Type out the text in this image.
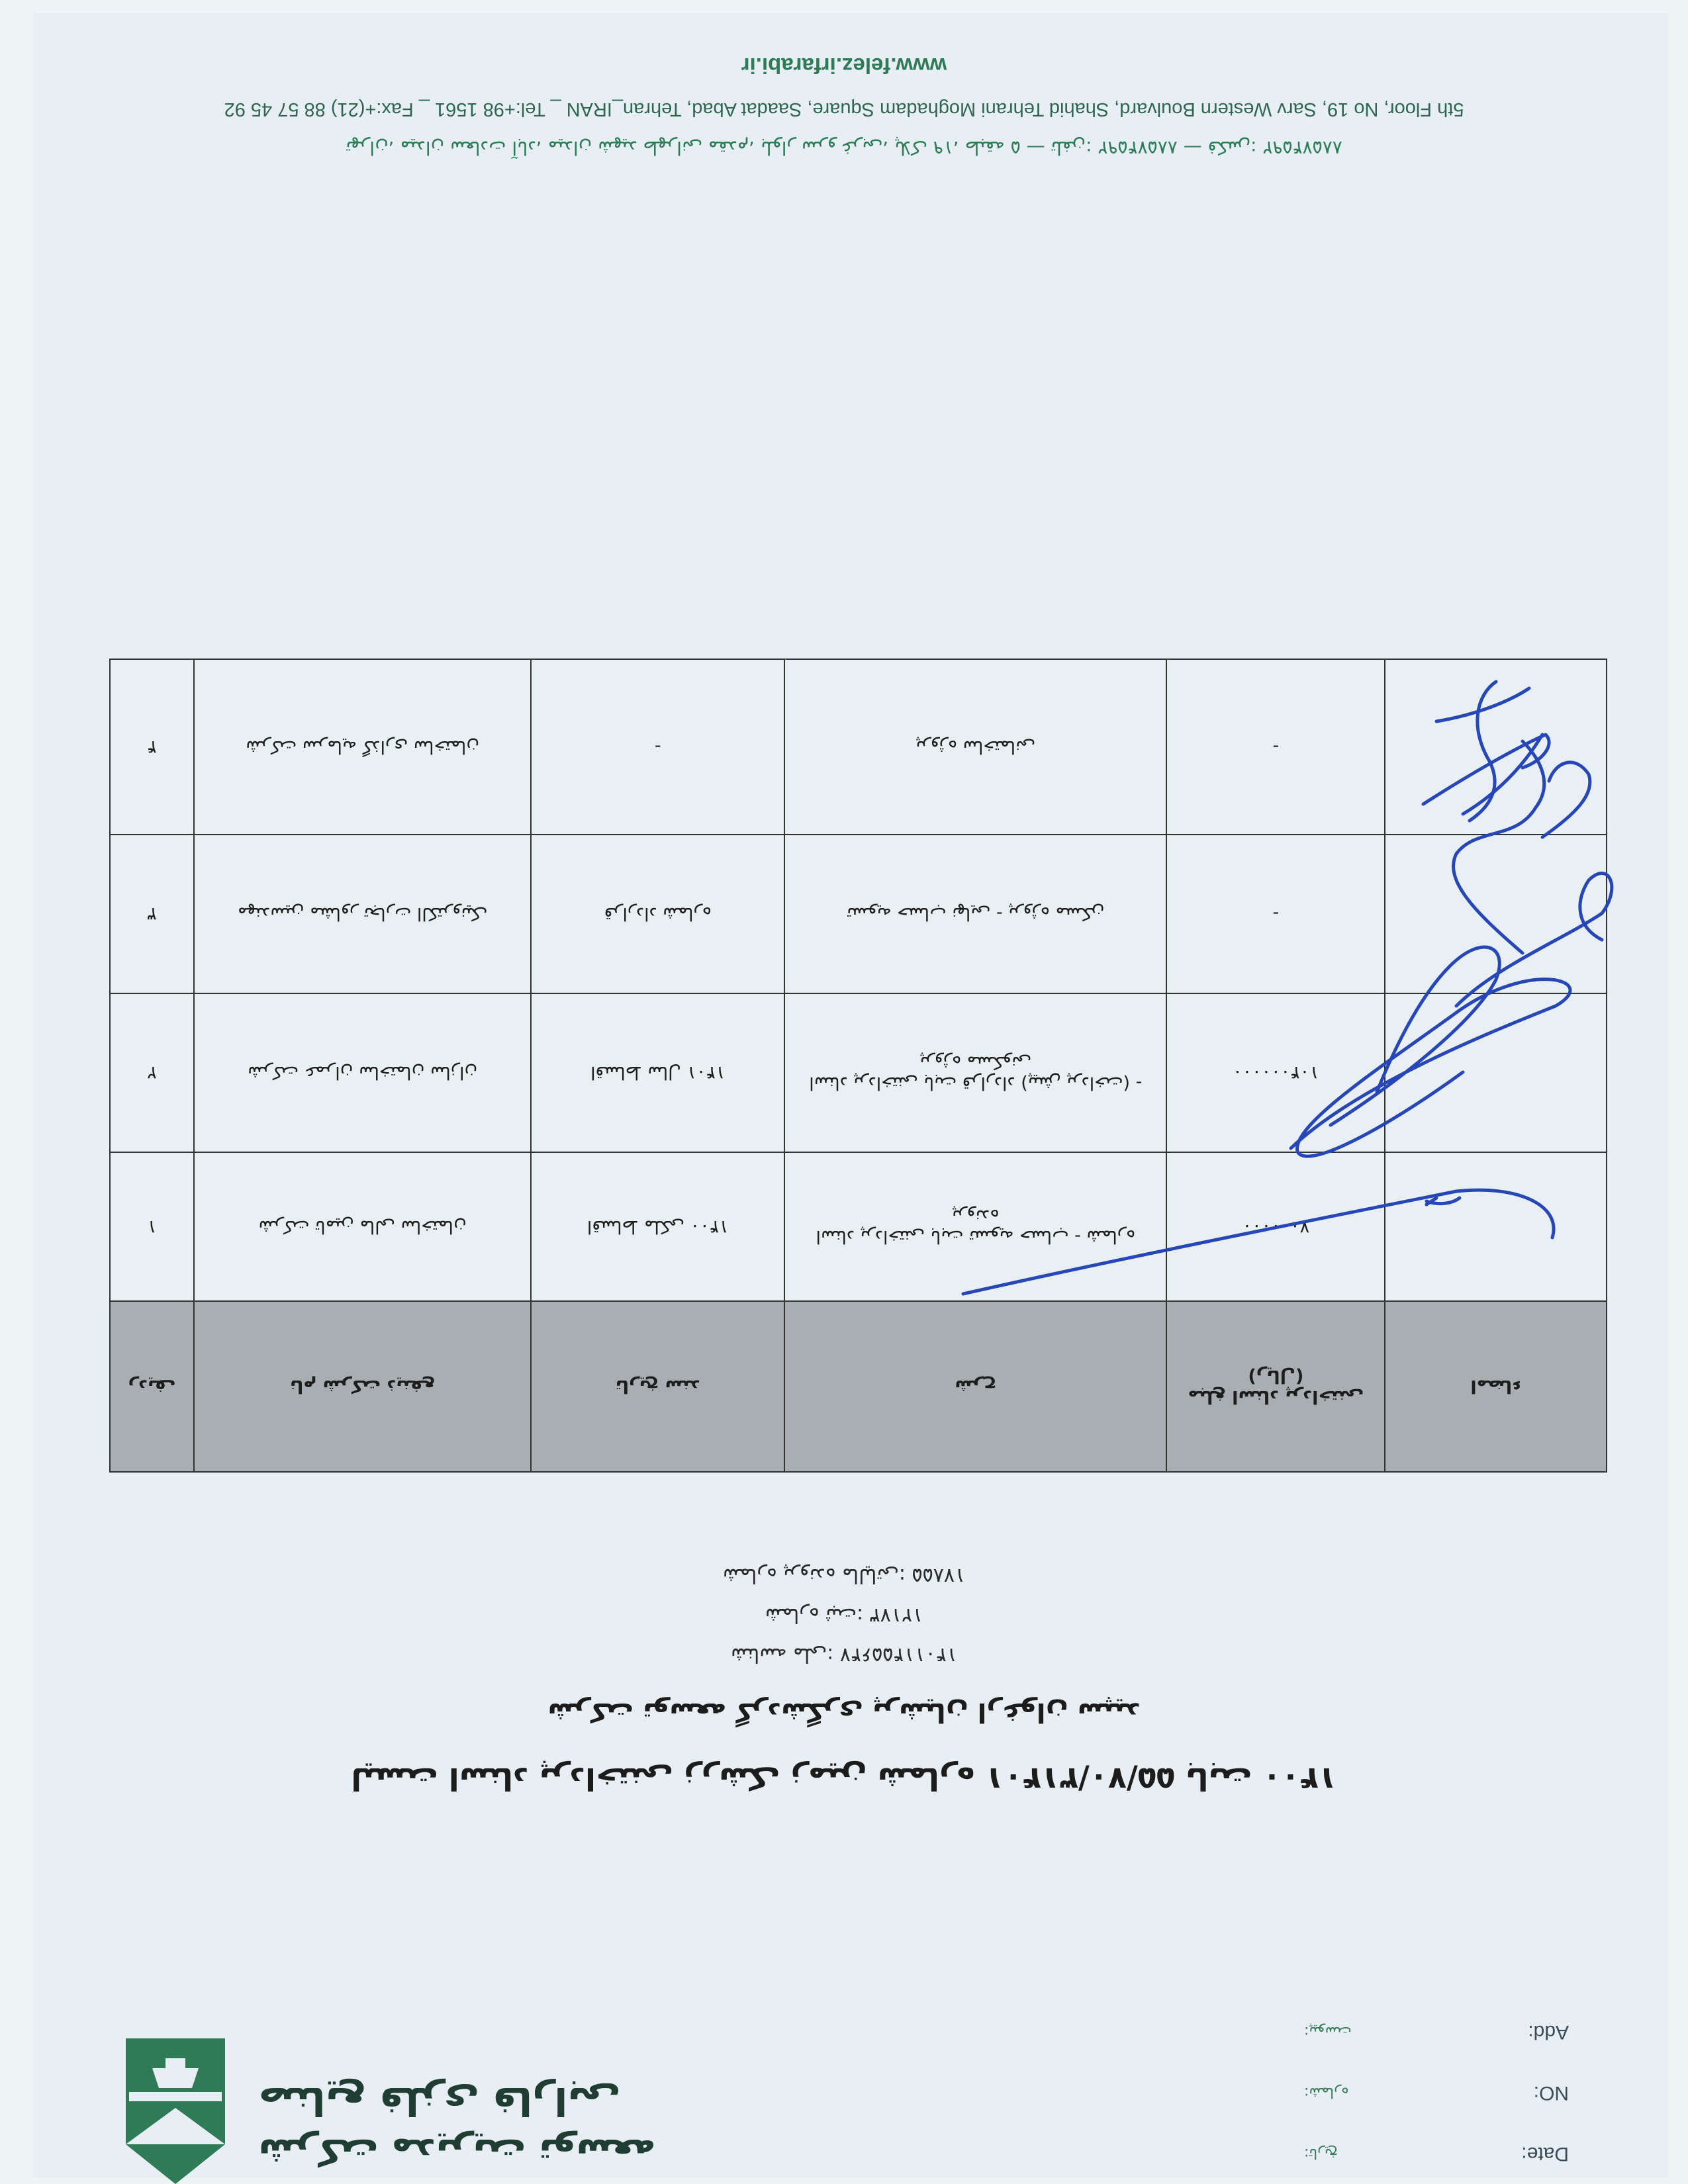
Date:
تاریخ:
NO:
شماره:
Add:
پیوست:
شرکت مدیریت توسعه
صنایع فلزی فارابی
لیست اسناد پرداختنی زرشک زمین شماره ۵۵/۷۰/۳۱۴۰۱ بابت ۱۴۰۰
شرکت توسعه گردشگری پرشیان ارغوان سپید
شناسه ملی: ۱۴۰۱۱۴۵۵۶۴۷
شماره ثبت: ۱۲۱۷۳
شماره پرونده مالیاتی: ۱۷۸۵۵
ردیف	نام شرکت ذینفع	تاریخ سند	شرح	مبلغ اسناد پرداختنی (ریال)	امضاء
۱	شرکت تامین مالی ساختمان	اقساط ملکی ۱۴۰۰	اسناد پرداختنی بابت تسویه حساب - شماره پرونده	۷۰۰۰۰۰۰	
۲	شرکت عمران ساختمان سازان	اقساط سال ۱۴۰۱	اسناد پرداختنی بابت قرارداد (پیش پرداخت) - پروژه مسکونی	۱۰۴۰۰۰۰۰۰	
۳	مهندسین مشاور تجارت الکترونیک	قرارداد شماره	تسویه حساب نهایی - پروژه مسکن	-	
۴	شرکت سرمایه گذاری ساختمان	-	پروژه ساختمانی	-	
تهران، میدان سعادت آباد، میدان شهید طهرانی مقدم، بلوار سرو غربی، پلاک ۱۹، طبقه ۵ — تلفن: ۸۸۵۷۴۵۹۲ — فکس: ۸۸۵۷۴۵۹۲
5th Floor, No 19, Sarv Western Boulvard, Shahid Tehrani Moghadam Square, Saadat Abad, Tehran_IRAN _ Tel:+98 1561 _ Fax:+(21) 88 57 45 92
www.felez.irfarabi.ir
